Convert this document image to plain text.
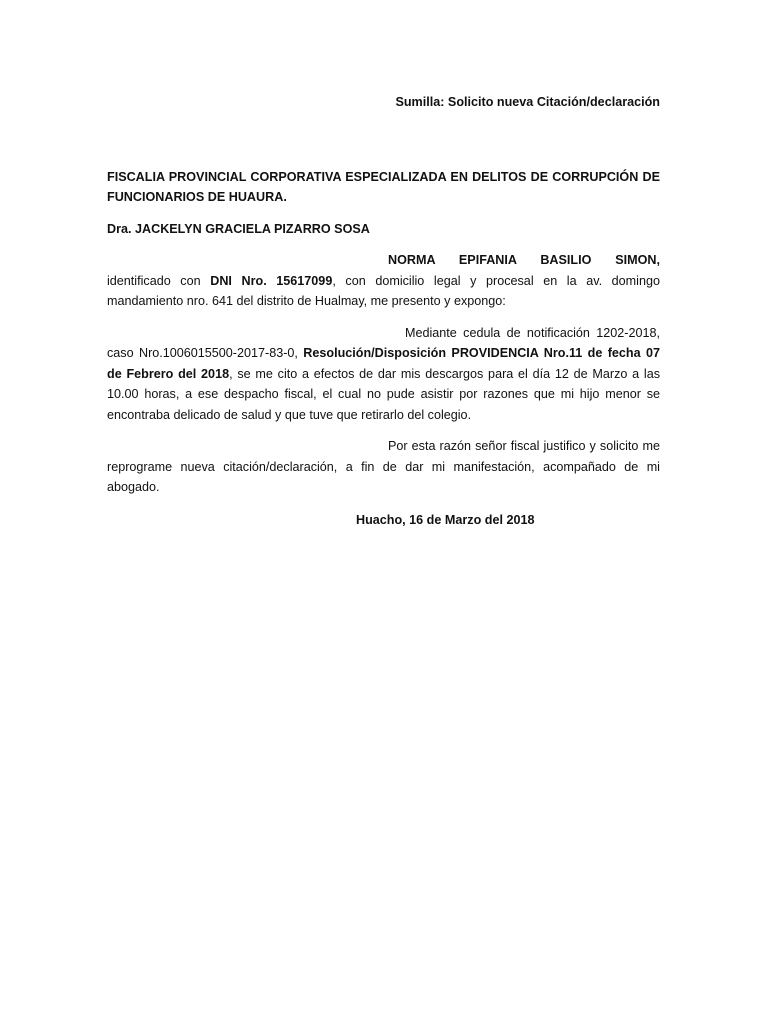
Sumilla: Solicito nueva Citación/declaración

FISCALIA PROVINCIAL CORPORATIVA ESPECIALIZADA EN DELITOS DE CORRUPCIÓN DE FUNCIONARIOS DE HUAURA.

Dra. JACKELYN GRACIELA PIZARRO SOSA

NORMA EPIFANIA BASILIO SIMON, identificado con DNI Nro. 15617099, con domicilio legal y procesal en la av. domingo mandamiento nro. 641 del distrito de Hualmay, me presento y expongo:

Mediante cedula de notificación 1202-2018, caso Nro.1006015500-2017-83-0, Resolución/Disposición PROVIDENCIA Nro.11 de fecha 07 de Febrero del 2018, se me cito a efectos de dar mis descargos para el día 12 de Marzo a las 10.00 horas, a ese despacho fiscal, el cual no pude asistir por razones que mi hijo menor se encontraba delicado de salud y que tuve que retirarlo del colegio.

Por esta razón señor fiscal justifico y solicito me reprograme nueva citación/declaración, a fin de dar mi manifestación, acompañado de mi abogado.

Huacho, 16 de Marzo del 2018
